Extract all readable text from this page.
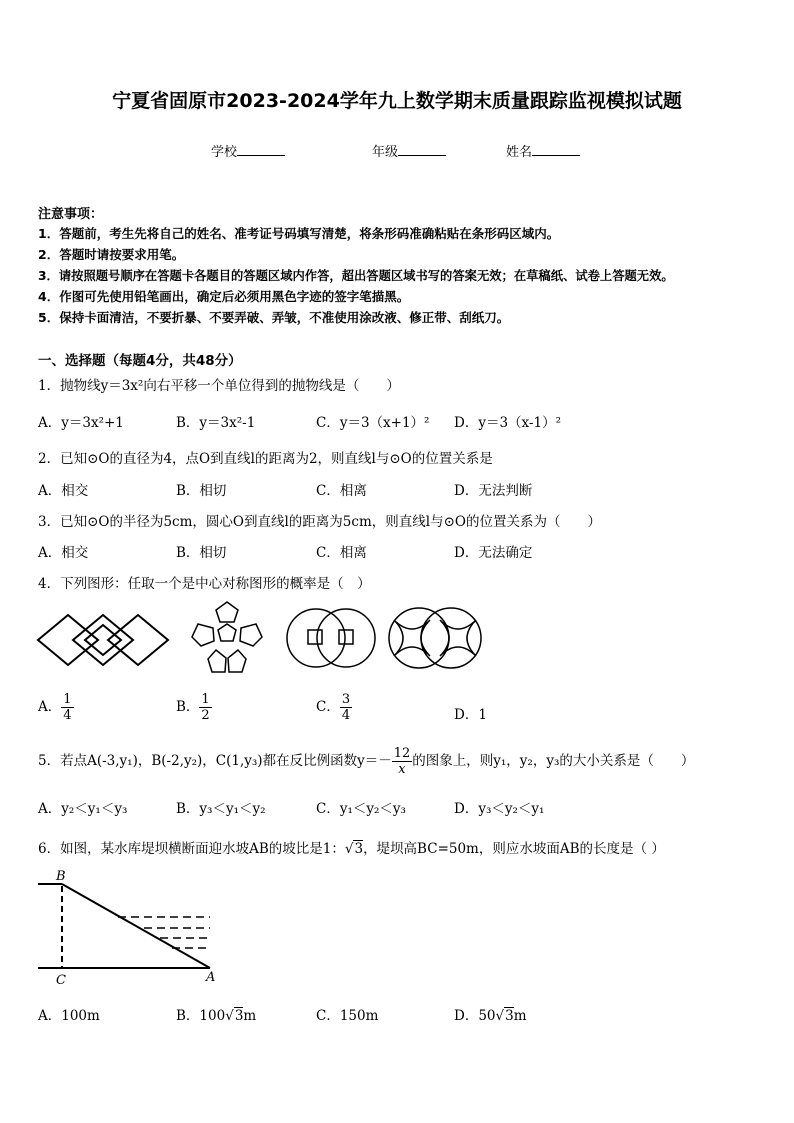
宁夏省固原市2023-2024学年九上数学期末质量跟踪监视模拟试题
学校	年级	姓名
注意事项：
1．答题前，考生先将自己的姓名、准考证号码填写清楚，将条形码准确粘贴在条形码区域内。
2．答题时请按要求用笔。
3．请按照题号顺序在答题卡各题目的答题区域内作答，超出答题区域书写的答案无效；在草稿纸、试卷上答题无效。
4．作图可先使用铅笔画出，确定后必须用黑色字迹的签字笔描黑。
5．保持卡面清洁，不要折暴、不要弄破、弄皱，不准使用涂改液、修正带、刮纸刀。
一、选择题（每题4分，共48分）
1．抛物线y＝3x²向右平移一个单位得到的抛物线是（　　）
A．y＝3x²+1	B．y＝3x²-1	C．y＝3（x+1）² D．y＝3（x-1）²
2．已知⊙O的直径为4，点O到直线l的距离为2，则直线l与⊙O的位置关系是
A．相交	B．相切	C．相离	D．无法判断
3．已知⊙O的半径为5cm，圆心O到直线l的距离为5cm，则直线l与⊙O的位置关系为（　　）
A．相交	B．相切	C．相离	D．无法确定
4．下列图形：任取一个是中心对称图形的概率是（　）
A． $\frac{1}{4}$	B． $\frac{1}{2}$	C． $\frac{3}{4}$	D．1
5．若点A(-3,y₁)，B(-2,y₂)，C(1,y₃)都在反比例函数$y=- \frac{12}{x}$ 的图象上，则y₁，y₂，y₃的大小关系是（　　）
A．y₂＜y₁＜y₃	B．y₃＜y₁＜y₂	C．y₁＜y₂＜y₃	D．y₃＜y₂＜y₁
6．如图，某水库堤坝横断面迎水坡AB的坡比是1：√3，堤坝高BC=50m，则应水坡面AB的长度是（ ）
B
C	A
A．100m	B．100√3m	C．150m	D．50√3m
